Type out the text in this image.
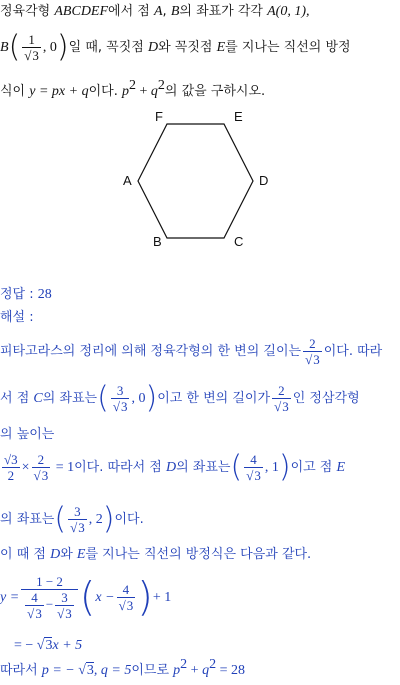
정육각형 ABCDEF에서 점 A, B의 좌표가 각각 A(0, 1),
$B( \frac{1}{√3}$ , 0)일 때, 꼭짓점 D와 꼭짓점 E를 지나는 직선의 방정
식이 y = px + q이다. $p^2 + q^2$의 값을 구하시오.
A
B	C
D
E
F
정답 : 28
해설 :
피타고라스의 정리에 의해 정육각형의 한 변의 길이는 $\frac{2}{√3}$ 이다. 따라
서 점 C의 좌표는( $\frac{3}{√3}$ , 0)이고 한 변의 길이가 $\frac{2}{√3}$ 인 정삼각형
의 높이는
$\frac{√3}{2} \times \frac{2}{√3} = 1$이다. 따라서 점 D의 좌표는( $\frac{4}{√3}$ , 1)이고 점 E
의 좌표는( $\frac{3}{√3}$ , 2)이다.
이 때 점 D와 E를 지나는 직선의 방정식은 다음과 같다.
$y = \frac{1 - 2}{\frac{4}{√3} - \frac{3}{√3}} (x - \frac{4}{√3}$ )+ 1
= − √3x + 5
따라서 p = − √3, q = 5이므로 $p^2 + q^2 = 28$
